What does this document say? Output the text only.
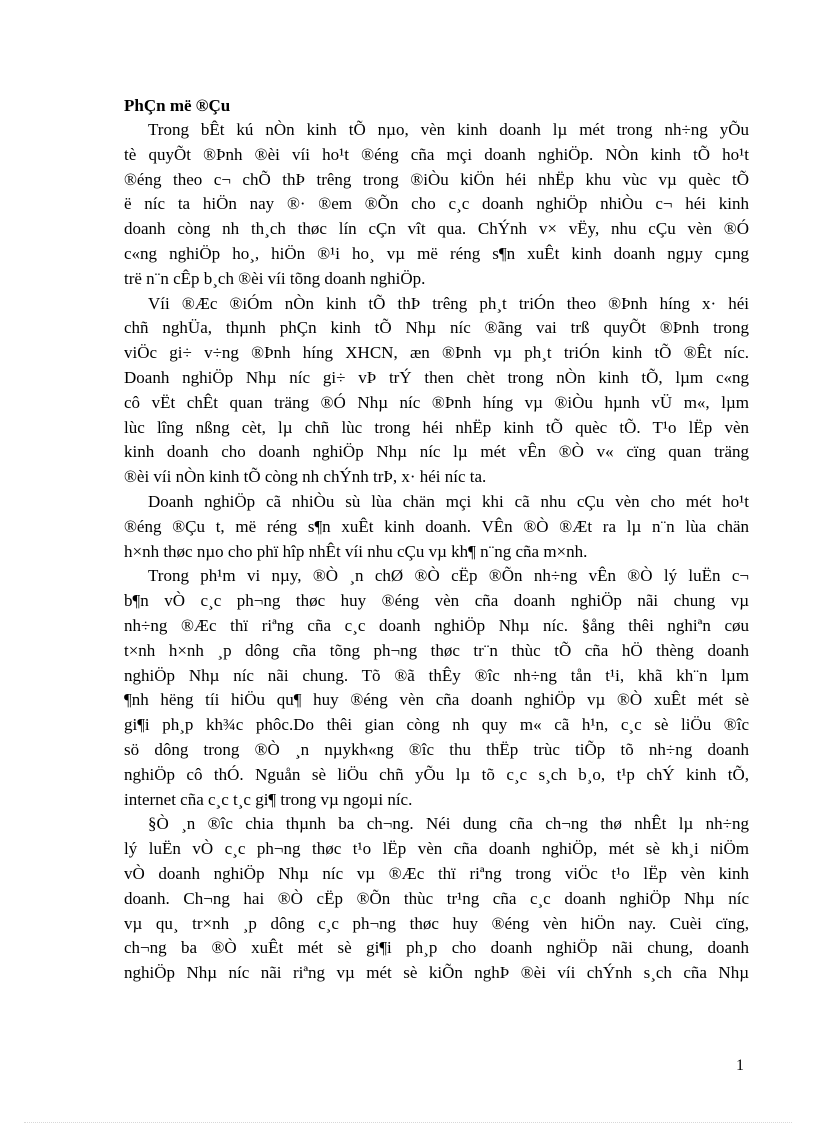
PhÇn më ®Çu
Trong bÊt kú nÒn kinh tÕ nµo, vèn kinh doanh lµ mét trong nh÷ng yÕu
tè quyÕt ®Þnh ®èi víi ho¹t ®éng cña mçi doanh nghiÖp. NÒn kinh tÕ ho¹t
®éng theo c¬ chÕ thÞ trêng trong ®iÒu kiÖn héi nhËp khu vùc vµ quèc tÕ
ë níc ta hiÖn nay ®· ®em ®Õn cho c¸c doanh nghiÖp nhiÒu c¬ héi kinh
doanh còng nh th¸ch thøc lín cÇn vît qua. ChÝnh v× vËy, nhu cÇu vèn ®Ó
c«ng nghiÖp ho¸, hiÖn ®¹i ho¸ vµ më réng s¶n xuÊt kinh doanh ngµy cµng
trë n¨n cÊp b¸ch ®èi víi tõng doanh nghiÖp.
Víi ®Æc ®iÓm nÒn kinh tÕ thÞ trêng ph¸t triÓn theo ®Þnh híng x· héi
chñ nghÜa, thµnh phÇn kinh tÕ Nhµ níc ®ãng vai trß quyÕt ®Þnh trong
viÖc gi÷ v÷ng ®Þnh híng XHCN, æn ®Þnh vµ ph¸t triÓn kinh tÕ ®Êt níc.
Doanh nghiÖp Nhµ níc gi÷ vÞ trÝ then chèt trong nÒn kinh tÕ, lµm c«ng
cô vËt chÊt quan träng ®Ó Nhµ níc ®Þnh híng vµ ®iÒu hµnh vÜ m«, lµm
lùc lîng nßng cèt, lµ chñ lùc trong héi nhËp kinh tÕ quèc tÕ. T¹o lËp vèn
kinh doanh cho doanh nghiÖp Nhµ níc lµ mét vÊn ®Ò v« cïng quan träng
®èi víi nÒn kinh tÕ còng nh chÝnh trÞ, x· héi níc ta.
Doanh nghiÖp cã nhiÒu sù lùa chän mçi khi cã nhu cÇu vèn cho mét ho¹t
®éng ®Çu t, më réng s¶n xuÊt kinh doanh. VÊn ®Ò ®Æt ra lµ n¨n lùa chän
h×nh thøc nµo cho phï hîp nhÊt víi nhu cÇu vµ kh¶ n¨ng cña m×nh.
Trong ph¹m vi nµy, ®Ò ¸n chØ ®Ò cËp ®Õn nh÷ng vÊn ®Ò lý luËn c¬
b¶n vÒ c¸c ph¬ng thøc huy ®éng vèn cña doanh nghiÖp nãi chung vµ
nh÷ng ®Æc thï riªng cña c¸c doanh nghiÖp Nhµ níc. §ång thêi nghiªn cøu
t×nh h×nh ¸p dông cña tõng ph¬ng thøc tr¨n thùc tÕ cña hÖ thèng doanh
nghiÖp Nhµ níc nãi chung. Tõ ®ã thÊy ®îc nh÷ng tån t¹i, khã kh¨n lµm
¶nh hëng tíi hiÖu qu¶ huy ®éng vèn cña doanh nghiÖp vµ ®Ò xuÊt mét sè
gi¶i ph¸p kh¾c phôc.Do thêi gian còng nh quy m« cã h¹n, c¸c sè liÖu ®îc
sö dông trong ®Ò ¸n nµykh«ng ®îc thu thËp trùc tiÕp tõ nh÷ng doanh
nghiÖp cô thÓ. Nguån sè liÖu chñ yÕu lµ tõ c¸c s¸ch b¸o, t¹p chÝ kinh tÕ,
internet cña c¸c t¸c gi¶ trong vµ ngoµi níc.
§Ò ¸n ®îc chia thµnh ba ch¬ng. Néi dung cña ch¬ng thø nhÊt lµ nh÷ng
lý luËn vÒ c¸c ph¬ng thøc t¹o lËp vèn cña doanh nghiÖp, mét sè kh¸i niÖm
vÒ doanh nghiÖp Nhµ níc vµ ®Æc thï riªng trong viÖc t¹o lËp vèn kinh
doanh. Ch¬ng hai ®Ò cËp ®Õn thùc tr¹ng cña c¸c doanh nghiÖp Nhµ níc
vµ qu¸ tr×nh ¸p dông c¸c ph¬ng thøc huy ®éng vèn hiÖn nay. Cuèi cïng,
ch¬ng ba ®Ò xuÊt mét sè gi¶i ph¸p cho doanh nghiÖp nãi chung, doanh
nghiÖp Nhµ níc nãi riªng vµ mét sè kiÕn nghÞ ®èi víi chÝnh s¸ch cña Nhµ
1
